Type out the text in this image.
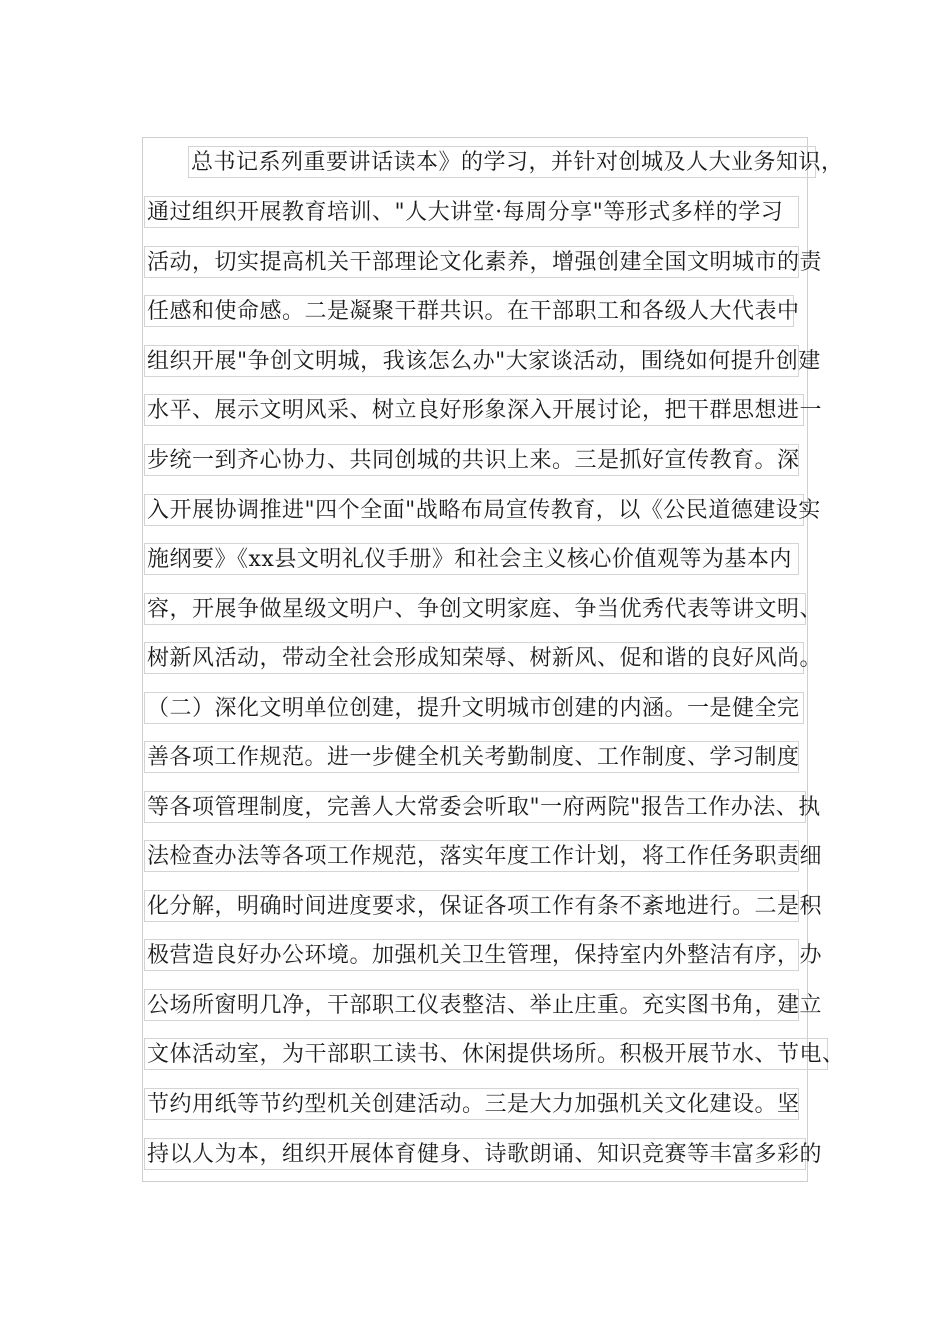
总书记系列重要讲话读本》的学习，并针对创城及人大业务知识，
通过组织开展教育培训、"人大讲堂·每周分享"等形式多样的学习
活动，切实提高机关干部理论文化素养，增强创建全国文明城市的责
任感和使命感。二是凝聚干群共识。在干部职工和各级人大代表中
组织开展"争创文明城，我该怎么办"大家谈活动，围绕如何提升创建
水平、展示文明风采、树立良好形象深入开展讨论，把干群思想进一
步统一到齐心协力、共同创城的共识上来。三是抓好宣传教育。深
入开展协调推进"四个全面"战略布局宣传教育，以《公民道德建设实
施纲要》《xx县文明礼仪手册》和社会主义核心价值观等为基本内
容，开展争做星级文明户、争创文明家庭、争当优秀代表等讲文明、
树新风活动，带动全社会形成知荣辱、树新风、促和谐的良好风尚。
（二）深化文明单位创建，提升文明城市创建的内涵。一是健全完
善各项工作规范。进一步健全机关考勤制度、工作制度、学习制度
等各项管理制度，完善人大常委会听取"一府两院"报告工作办法、执
法检查办法等各项工作规范，落实年度工作计划，将工作任务职责细
化分解，明确时间进度要求，保证各项工作有条不紊地进行。二是积
极营造良好办公环境。加强机关卫生管理，保持室内外整洁有序，办
公场所窗明几净，干部职工仪表整洁、举止庄重。充实图书角，建立
文体活动室，为干部职工读书、休闲提供场所。积极开展节水、节电、
节约用纸等节约型机关创建活动。三是大力加强机关文化建设。坚
持以人为本，组织开展体育健身、诗歌朗诵、知识竞赛等丰富多彩的
